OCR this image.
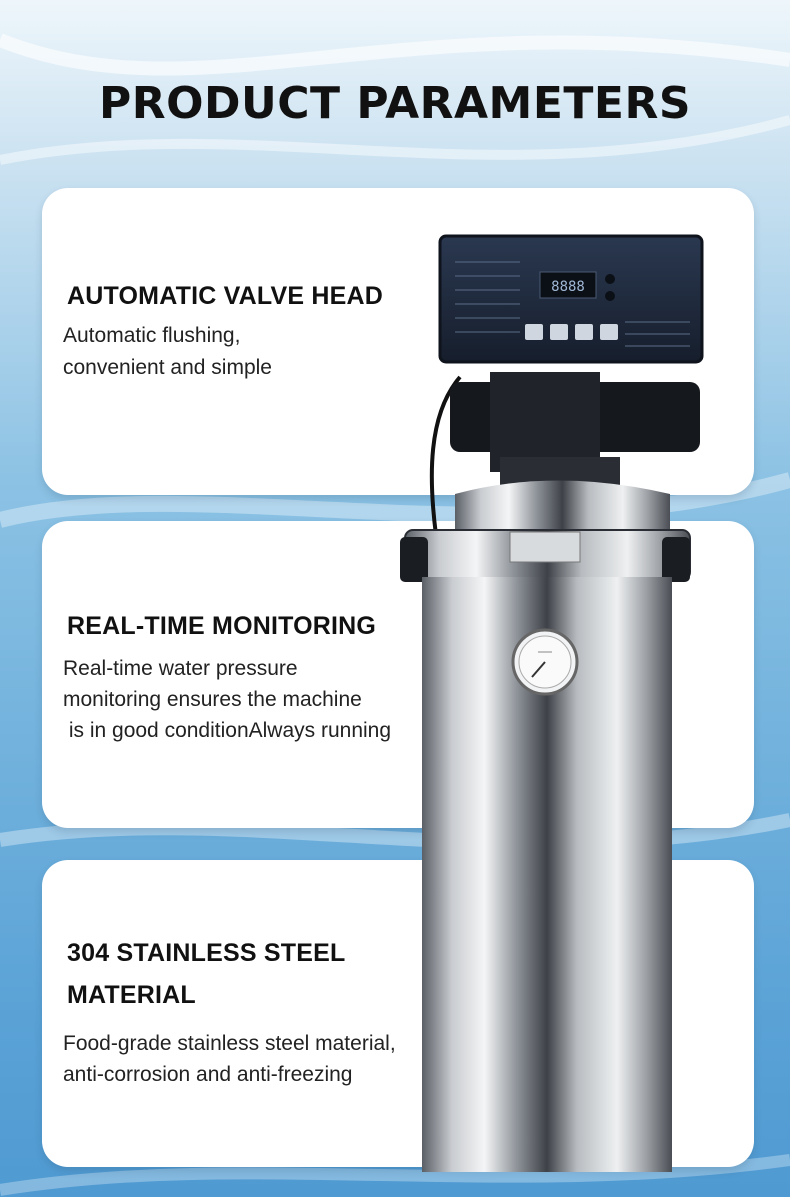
PRODUCT PARAMETERS
AUTOMATIC VALVE HEAD
Automatic flushing,
convenient and simple
REAL-TIME MONITORING
Real-time water pressure
monitoring ensures the machine
is in good conditionAlways running
304 STAINLESS STEEL
MATERIAL
Food-grade stainless steel material,
anti-corrosion and anti-freezing
8888
